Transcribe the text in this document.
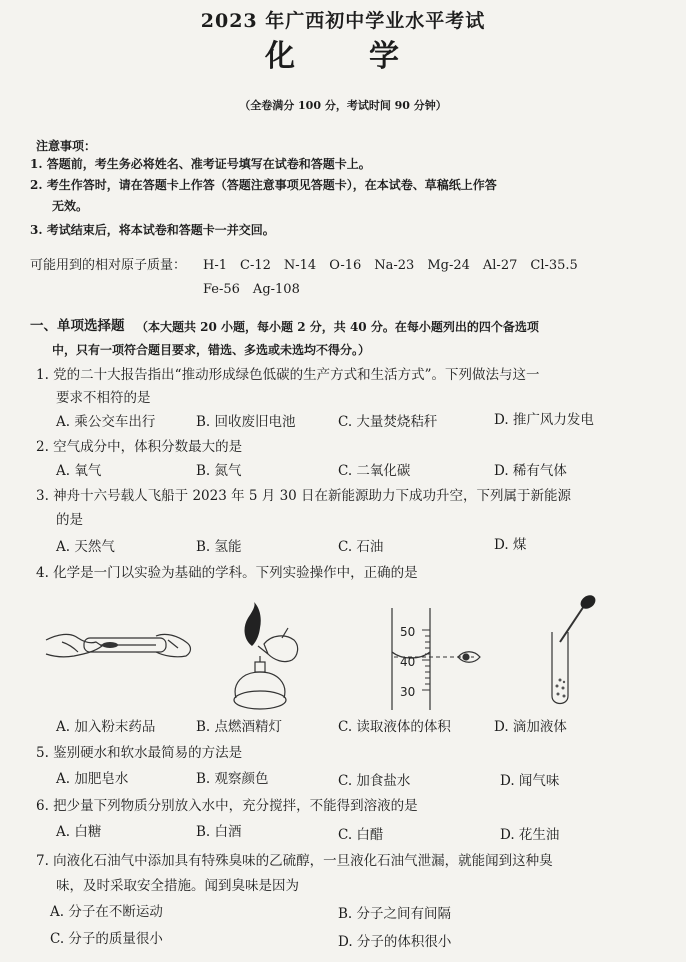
2023 年广西初中学业水平考试
化　学
（全卷满分 100 分，考试时间 90 分钟）
注意事项：
1. 答题前，考生务必将姓名、准考证号填写在试卷和答题卡上。
2. 考生作答时，请在答题卡上作答（答题注意事项见答题卡），在本试卷、草稿纸上作答
无效。
3. 考试结束后，将本试卷和答题卡一并交回。
可能用到的相对原子质量： H-1　C-12　N-14　O-16　Na-23　Mg-24　Al-27　Cl-35.5
Fe-56　Ag-108
一、单项选择题 （本大题共 20 小题，每小题 2 分，共 40 分。在每小题列出的四个备选项
中，只有一项符合题目要求，错选、多选或未选均不得分。）
1. 党的二十大报告指出“推动形成绿色低碳的生产方式和生活方式”。下列做法与这一
要求不相符的是
A. 乘公交车出行	B. 回收废旧电池	C. 大量焚烧秸秆	D. 推广风力发电
2. 空气成分中，体积分数最大的是
A. 氧气	B. 氮气	C. 二氧化碳	D. 稀有气体
3. 神舟十六号载人飞船于 2023 年 5 月 30 日在新能源助力下成功升空，下列属于新能源
的是
A. 天然气	B. 氢能	C. 石油	D. 煤
4. 化学是一门以实验为基础的学科。下列实验操作中，正确的是
50
40
30
A. 加入粉末药品	B. 点燃酒精灯	C. 读取液体的体积	D. 滴加液体
5. 鉴别硬水和软水最简易的方法是
A. 加肥皂水	B. 观察颜色	C. 加食盐水	D. 闻气味
6. 把少量下列物质分别放入水中，充分搅拌，不能得到溶液的是
A. 白糖	B. 白酒	C. 白醋	D. 花生油
7. 向液化石油气中添加具有特殊臭味的乙硫醇，一旦液化石油气泄漏，就能闻到这种臭
味，及时采取安全措施。闻到臭味是因为
A. 分子在不断运动	B. 分子之间有间隔
C. 分子的质量很小	D. 分子的体积很小
